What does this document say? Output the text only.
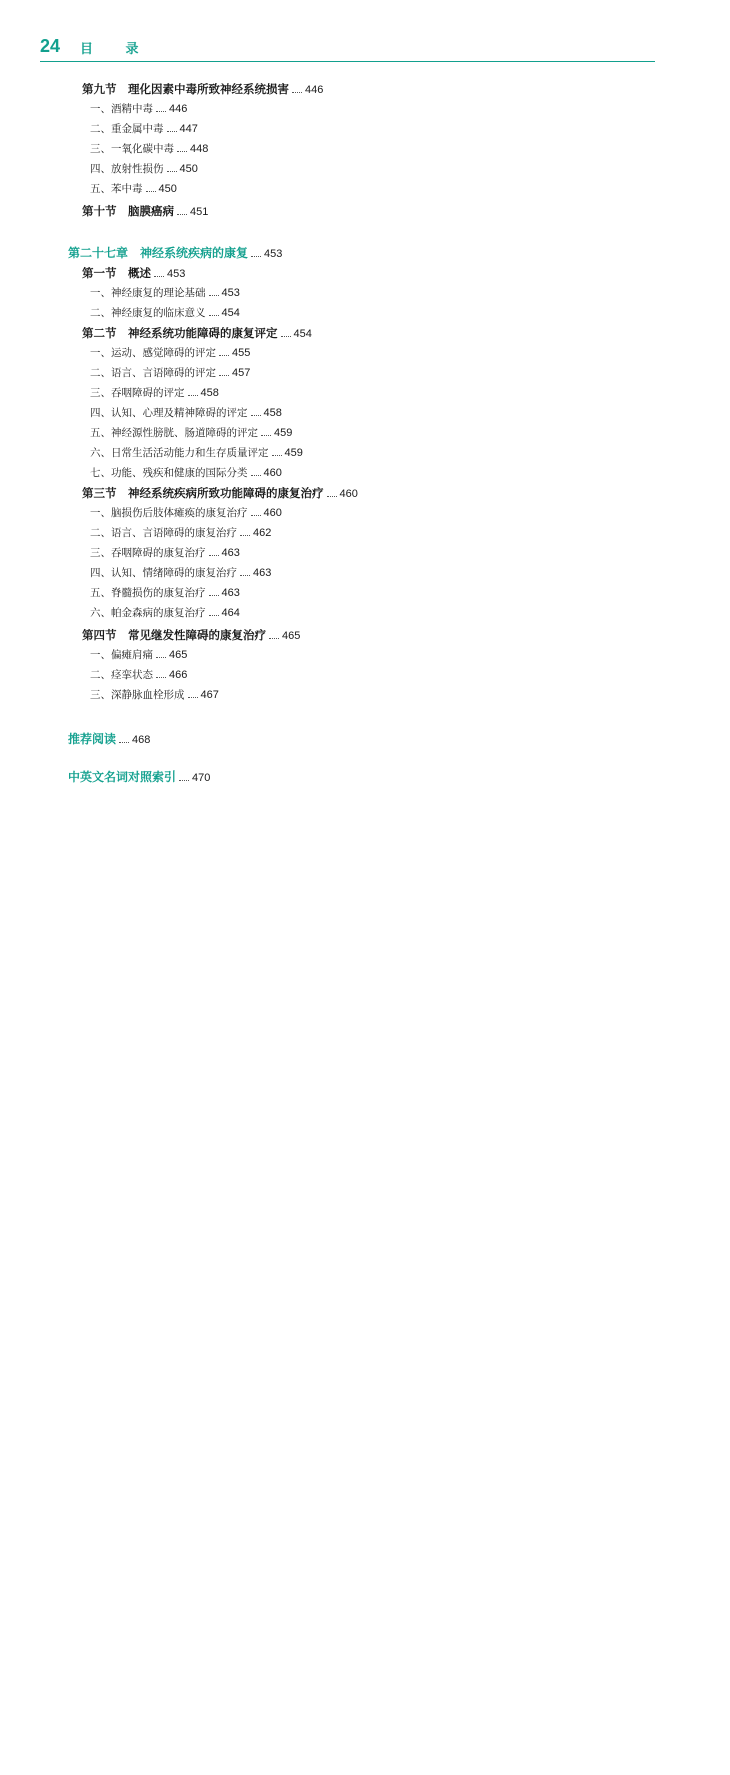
24 目 录
第九节　理化因素中毒所致神经系统损害 446
一、酒精中毒 446
二、重金属中毒 447
三、一氧化碳中毒 448
四、放射性损伤 450
五、苯中毒 450
第十节　脑膜癌病 451
第二十七章　神经系统疾病的康复 453
第一节　概述 453
一、神经康复的理论基础 453
二、神经康复的临床意义 454
第二节　神经系统功能障碍的康复评定 454
一、运动、感觉障碍的评定 455
二、语言、言语障碍的评定 457
三、吞咽障碍的评定 458
四、认知、心理及精神障碍的评定 458
五、神经源性膀胱、肠道障碍的评定 459
六、日常生活活动能力和生存质量评定 459
七、功能、残疾和健康的国际分类 460
第三节　神经系统疾病所致功能障碍的康复治疗 460
一、脑损伤后肢体瘫痪的康复治疗 460
二、语言、言语障碍的康复治疗 462
三、吞咽障碍的康复治疗 463
四、认知、情绪障碍的康复治疗 463
五、脊髓损伤的康复治疗 463
六、帕金森病的康复治疗 464
第四节　常见继发性障碍的康复治疗 465
一、偏瘫肩痛 465
二、痉挛状态 466
三、深静脉血栓形成 467
推荐阅读 468
中英文名词对照索引 470
